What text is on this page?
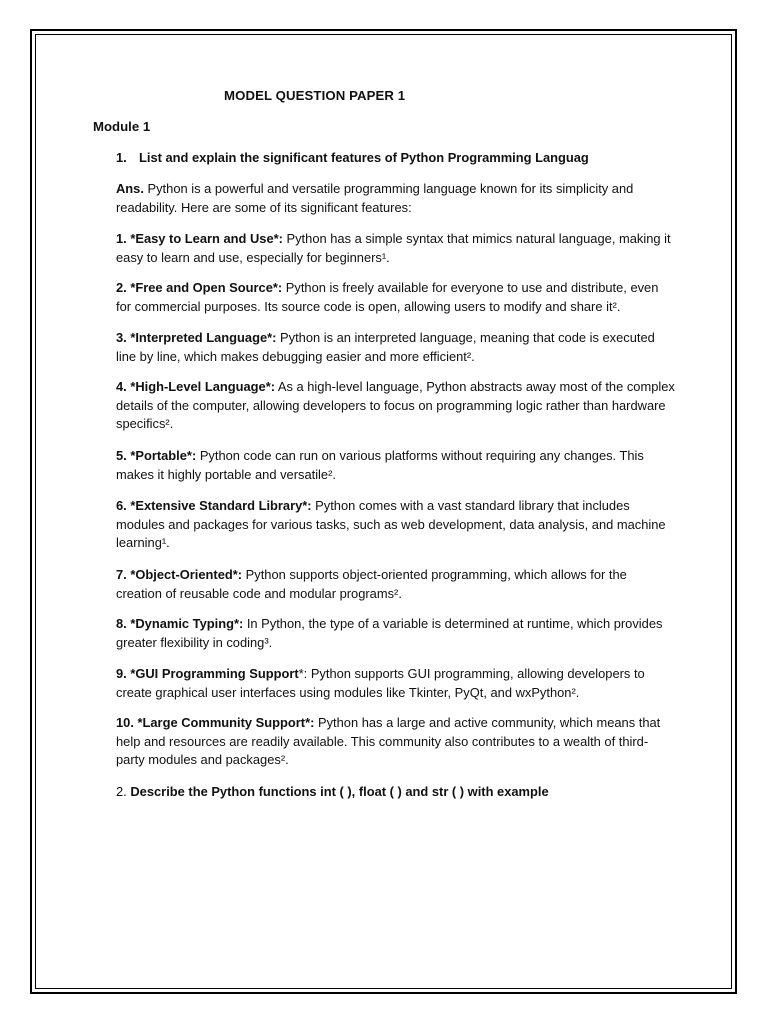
MODEL QUESTION PAPER 1
Module 1
1. List and explain the significant features of Python Programming Languag
Ans. Python is a powerful and versatile programming language known for its simplicity and readability. Here are some of its significant features:
1. *Easy to Learn and Use*: Python has a simple syntax that mimics natural language, making it easy to learn and use, especially for beginners¹.
2. *Free and Open Source*: Python is freely available for everyone to use and distribute, even for commercial purposes. Its source code is open, allowing users to modify and share it².
3. *Interpreted Language*: Python is an interpreted language, meaning that code is executed line by line, which makes debugging easier and more efficient².
4. *High-Level Language*: As a high-level language, Python abstracts away most of the complex details of the computer, allowing developers to focus on programming logic rather than hardware specifics².
5. *Portable*: Python code can run on various platforms without requiring any changes. This makes it highly portable and versatile².
6. *Extensive Standard Library*: Python comes with a vast standard library that includes modules and packages for various tasks, such as web development, data analysis, and machine learning¹.
7. *Object-Oriented*: Python supports object-oriented programming, which allows for the creation of reusable code and modular programs².
8. *Dynamic Typing*: In Python, the type of a variable is determined at runtime, which provides greater flexibility in coding³.
9. *GUI Programming Support*: Python supports GUI programming, allowing developers to create graphical user interfaces using modules like Tkinter, PyQt, and wxPython².
10. *Large Community Support*: Python has a large and active community, which means that help and resources are readily available. This community also contributes to a wealth of third-party modules and packages².
2. Describe the Python functions int ( ), float ( ) and str ( ) with example
